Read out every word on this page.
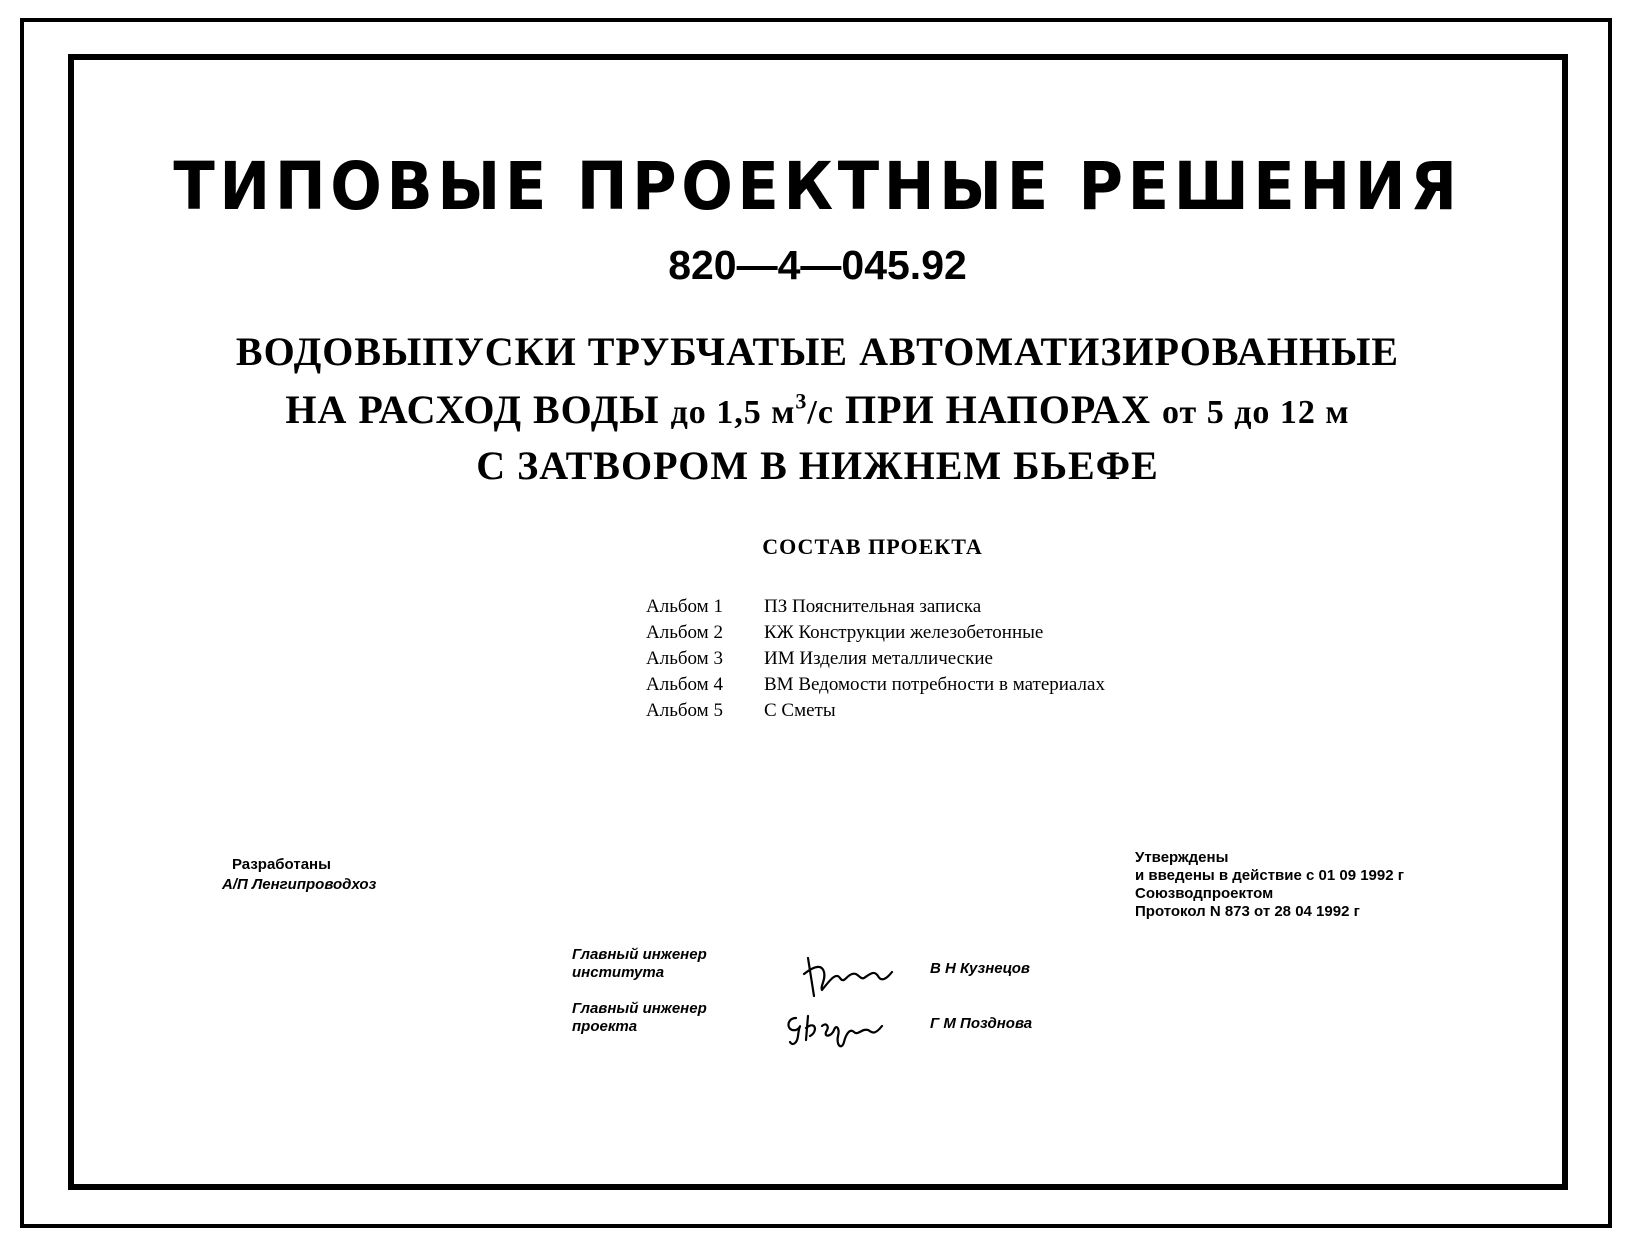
ТИПОВЫЕ ПРОЕКТНЫЕ РЕШЕНИЯ
820—4—045.92
ВОДОВЫПУСКИ ТРУБЧАТЫЕ АВТОМАТИЗИРОВАННЫЕ
НА РАСХОД ВОДЫ до 1,5 $м^3/с$ ПРИ НАПОРАХ от 5 до 12 м
С ЗАТВОРОМ В НИЖНЕМ БЬЕФЕ
СОСТАВ ПРОЕКТА
Альбом 1 ПЗ Пояснительная записка
Альбом 2 КЖ Конструкции железобетонные
Альбом 3 ИМ Изделия металлические
Альбом 4 ВМ Ведомости потребности в материалах
Альбом 5 С Сметы
Разработаны
А/П Ленгипроводхоз
Утверждены
и введены в действие с 01 09 1992 г
Союзводпроектом
Протокол N 873 от 28 04 1992 г
Главный инженер
института
Главный инженер
проекта
В Н Кузнецов
Г М Позднова
